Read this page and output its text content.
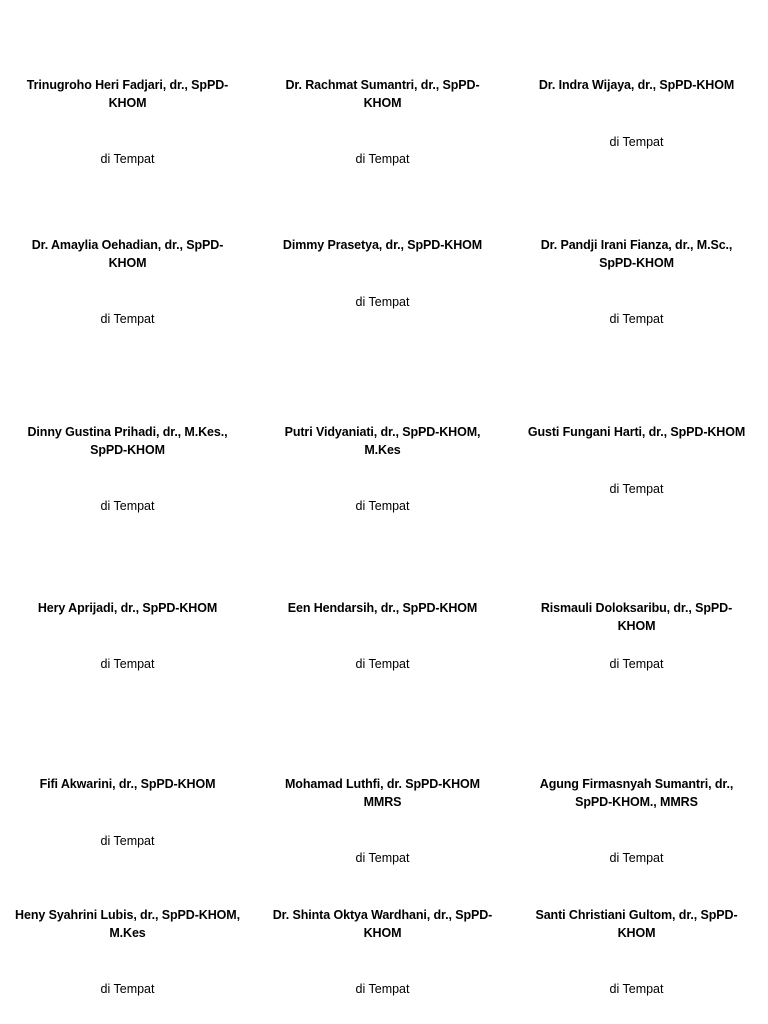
Trinugroho Heri Fadjari, dr., SpPD-KHOM
di Tempat
Dr. Rachmat Sumantri, dr., SpPD-KHOM
di Tempat
Dr. Indra Wijaya, dr., SpPD-KHOM
di Tempat
Dr. Amaylia Oehadian, dr., SpPD-KHOM
di Tempat
Dimmy Prasetya, dr., SpPD-KHOM
di Tempat
Dr. Pandji Irani Fianza, dr., M.Sc., SpPD-KHOM
di Tempat
Dinny Gustina Prihadi, dr., M.Kes., SpPD-KHOM
di Tempat
Putri Vidyaniati, dr., SpPD-KHOM, M.Kes
di Tempat
Gusti Fungani Harti, dr., SpPD-KHOM
di Tempat
Hery Aprijadi, dr., SpPD-KHOM
di Tempat
Een Hendarsih, dr., SpPD-KHOM
di Tempat
Rismauli Doloksaribu, dr., SpPD-KHOM
di Tempat
Fifi Akwarini, dr., SpPD-KHOM
di Tempat
Mohamad Luthfi, dr. SpPD-KHOM MMRS
di Tempat
Agung Firmasnyah Sumantri, dr., SpPD-KHOM., MMRS
di Tempat
Heny Syahrini Lubis, dr., SpPD-KHOM, M.Kes
di Tempat
Dr. Shinta Oktya Wardhani, dr., SpPD-KHOM
di Tempat
Santi Christiani Gultom, dr., SpPD-KHOM
di Tempat
